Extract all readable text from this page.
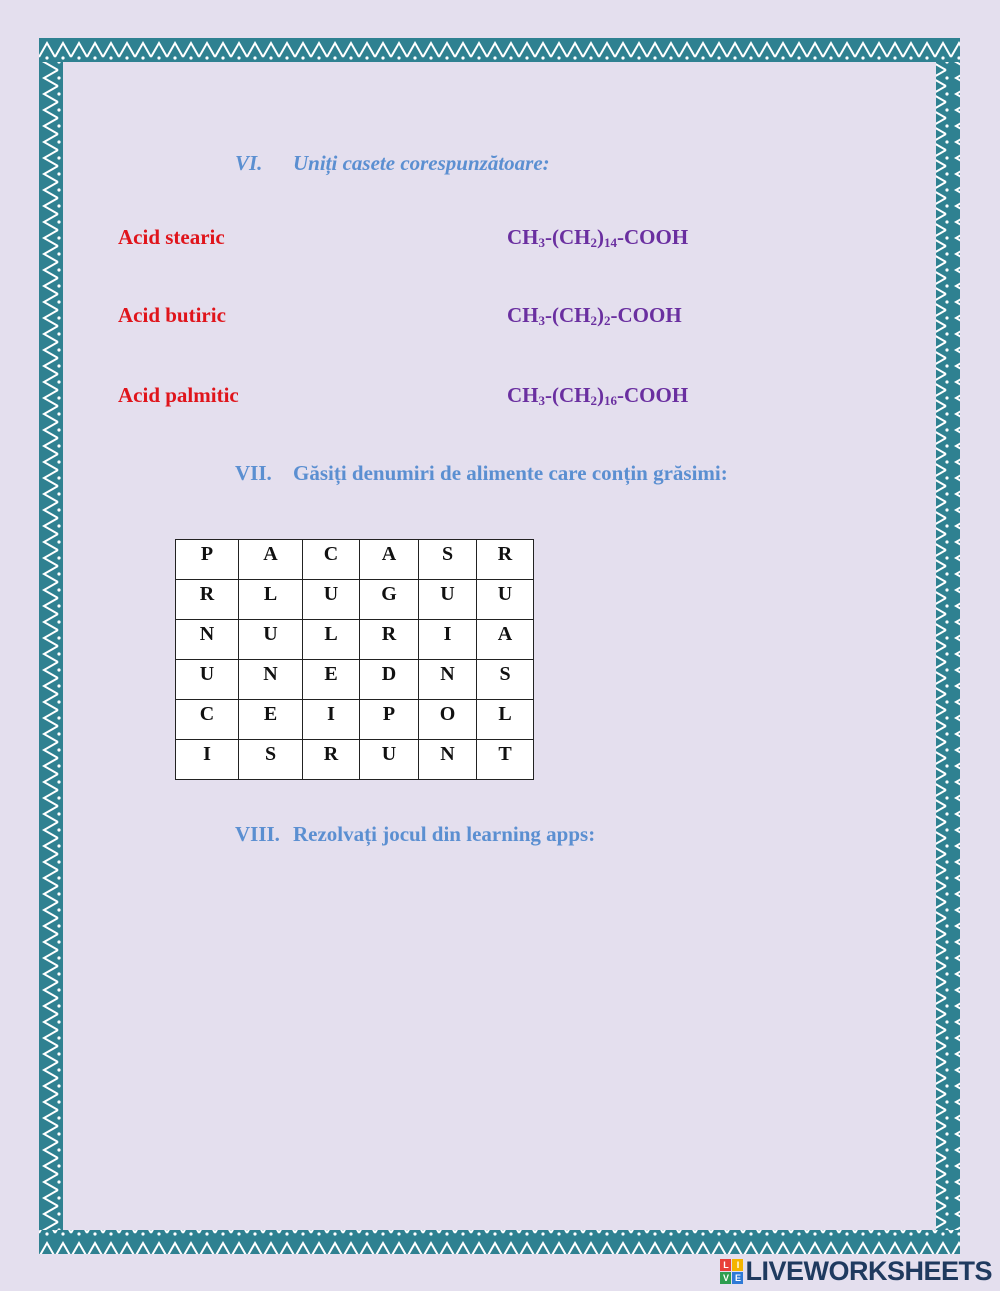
VI. Uniți casete corespunzătoare:
Acid stearic	$CH_3-(CH_2)_{14}$-COOH
Acid butiric	$CH_3-(CH_2)_2$-COOH
Acid palmitic	$CH_3-(CH_2)_{16}$-COOH
VII. Găsiți denumiri de alimente care conțin grăsimi:
P	A	C	A	S	R
R	L	U	G	U	U
N	U	L	R	I	A
U	N	E	D	N	S
C	E	I	P	O	L
I	S	R	U	N	T
VIII. Rezolvați jocul din learning apps:
L I
V E LIVEWORKSHEETS
